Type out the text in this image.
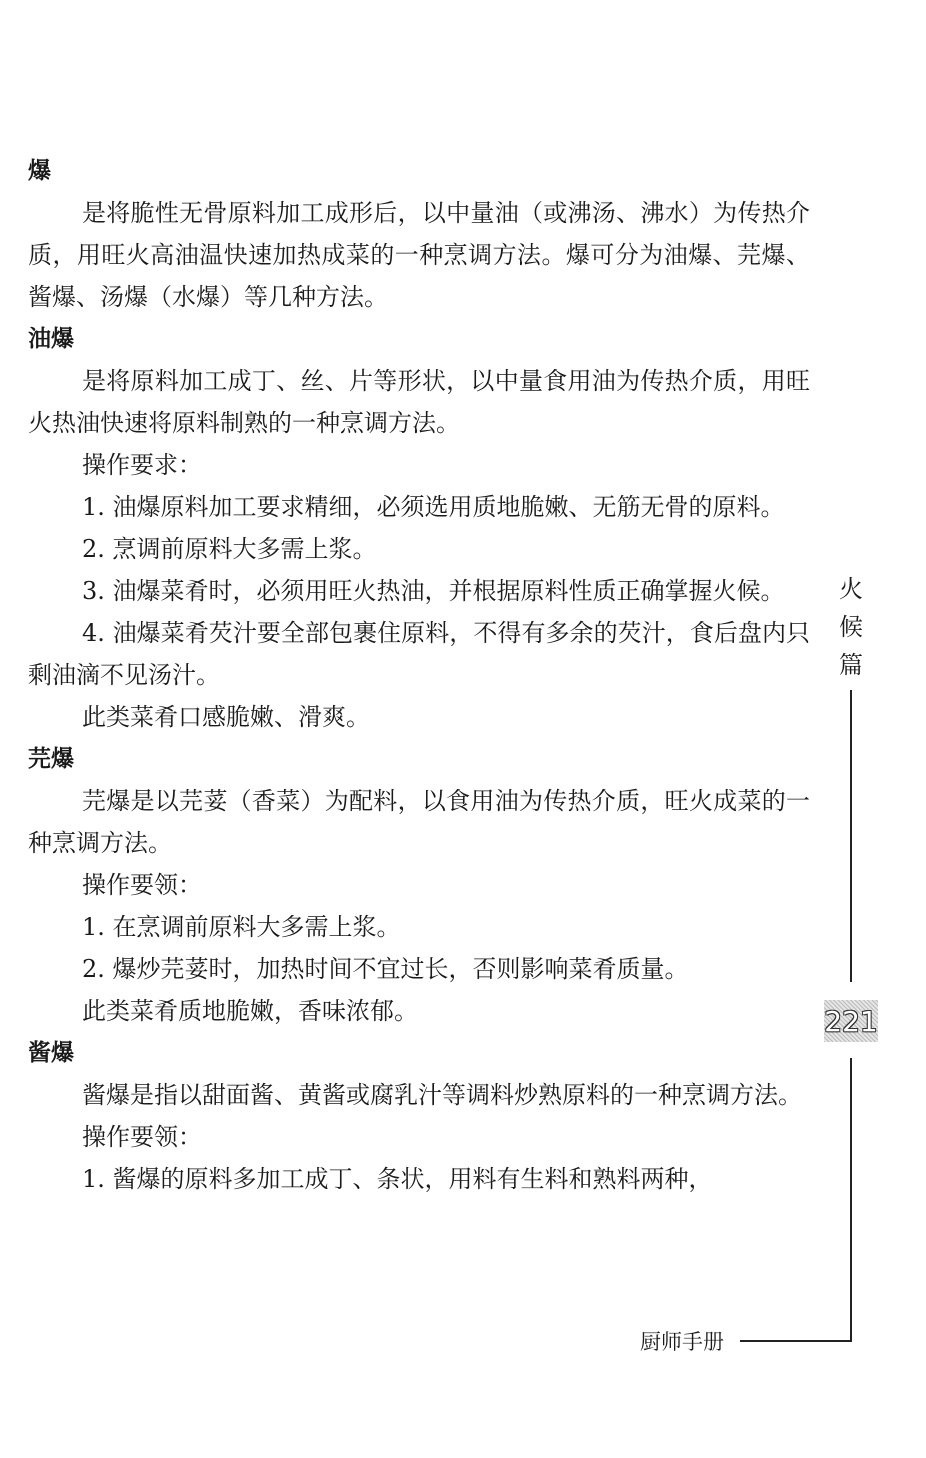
爆

是将脆性无骨原料加工成形后，以中量油（或沸汤、沸水）为传热介质，用旺火高油温快速加热成菜的一种烹调方法。爆可分为油爆、芫爆、酱爆、汤爆（水爆）等几种方法。

油爆

是将原料加工成丁、丝、片等形状，以中量食用油为传热介质，用旺火热油快速将原料制熟的一种烹调方法。

操作要求：

1. 油爆原料加工要求精细，必须选用质地脆嫩、无筋无骨的原料。

2. 烹调前原料大多需上浆。

3. 油爆菜肴时，必须用旺火热油，并根据原料性质正确掌握火候。

4. 油爆菜肴芡汁要全部包裹住原料，不得有多余的芡汁，食后盘内只剩油滴不见汤汁。

此类菜肴口感脆嫩、滑爽。

芫爆

芫爆是以芫荽（香菜）为配料，以食用油为传热介质，旺火成菜的一种烹调方法。

操作要领：

1. 在烹调前原料大多需上浆。

2. 爆炒芫荽时，加热时间不宜过长，否则影响菜肴质量。

此类菜肴质地脆嫩，香味浓郁。

酱爆

酱爆是指以甜面酱、黄酱或腐乳汁等调料炒熟原料的一种烹调方法。

操作要领：

1. 酱爆的原料多加工成丁、条状，用料有生料和熟料两种，

火
候
篇
221
厨师手册
